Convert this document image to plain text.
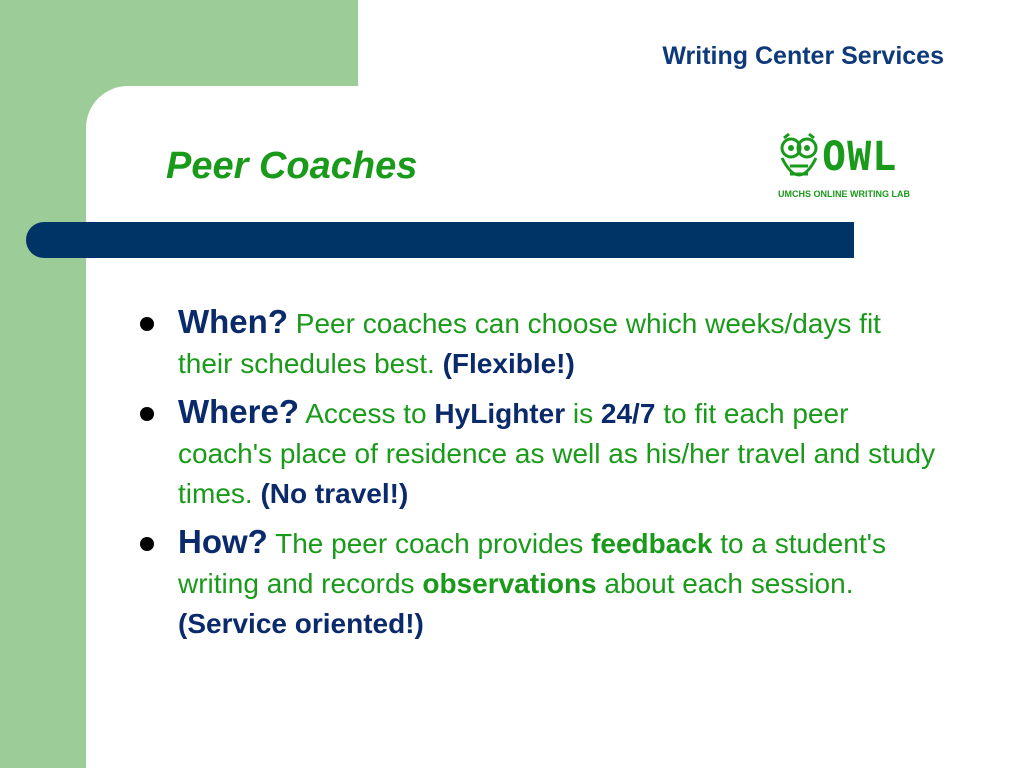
Writing Center Services
Peer Coaches	OWL
UMCHS ONLINE WRITING LAB
When? Peer coaches can choose which weeks/days fit their schedules best. (Flexible!)
Where? Access to HyLighter is 24/7 to fit each peer coach's place of residence as well as his/her travel and study times. (No travel!)
How? The peer coach provides feedback to a student's writing and records observations about each session. (Service oriented!)
